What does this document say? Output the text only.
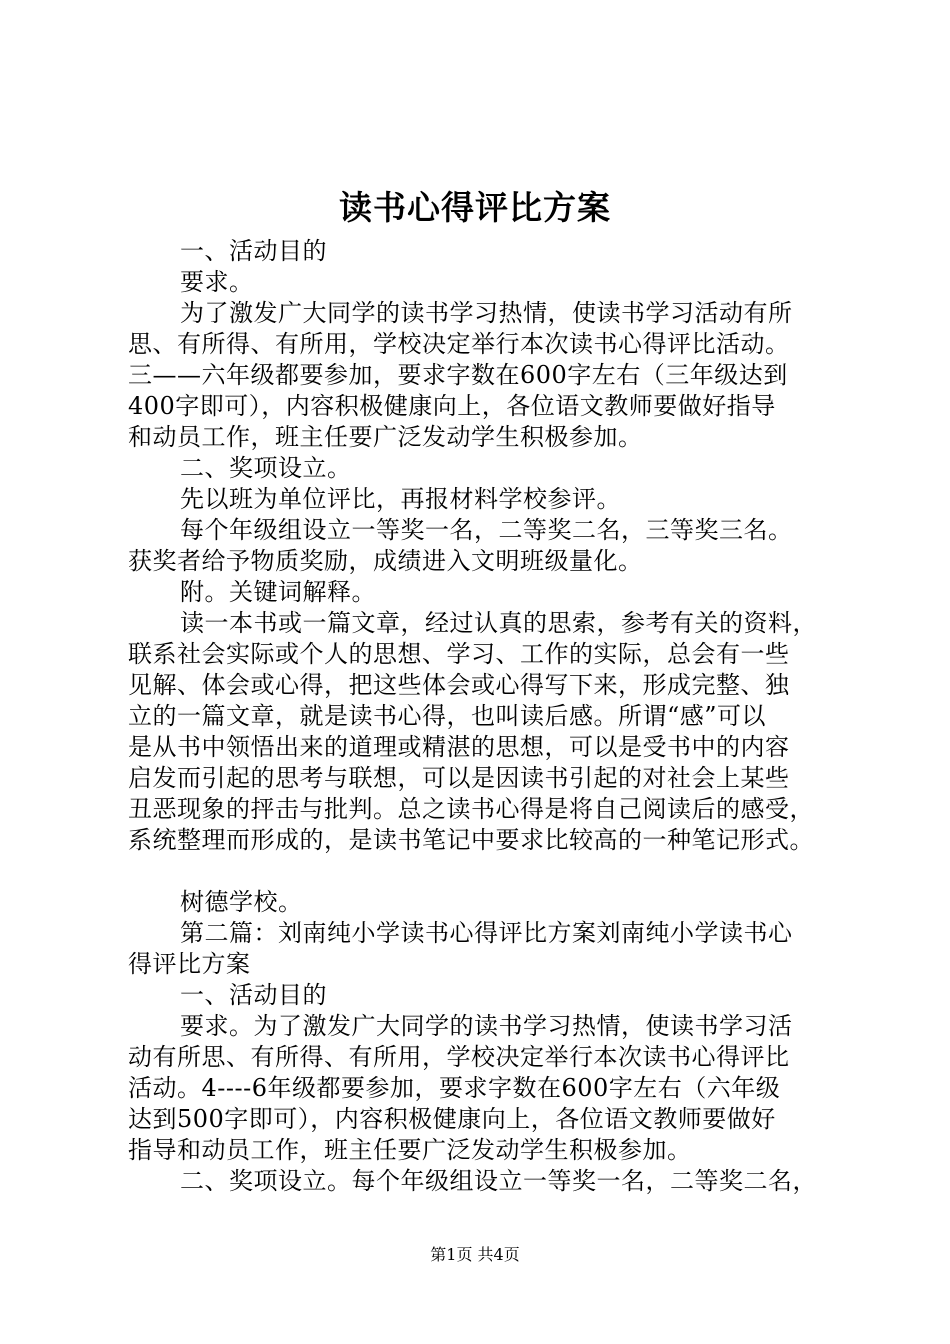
读书心得评比方案
一、活动目的
要求。
为了激发广大同学的读书学习热情，使读书学习活动有所
思、有所得、有所用，学校决定举行本次读书心得评比活动。
三——六年级都要参加，要求字数在600字左右（三年级达到
400字即可），内容积极健康向上，各位语文教师要做好指导
和动员工作，班主任要广泛发动学生积极参加。
二、奖项设立。
先以班为单位评比，再报材料学校参评。
每个年级组设立一等奖一名，二等奖二名，三等奖三名。
获奖者给予物质奖励，成绩进入文明班级量化。
附。关键词解释。
读一本书或一篇文章，经过认真的思索，参考有关的资料，
联系社会实际或个人的思想、学习、工作的实际，总会有一些
见解、体会或心得，把这些体会或心得写下来，形成完整、独
立的一篇文章，就是读书心得，也叫读后感。所谓“感”可以
是从书中领悟出来的道理或精湛的思想，可以是受书中的内容
启发而引起的思考与联想，可以是因读书引起的对社会上某些
丑恶现象的抨击与批判。总之读书心得是将自己阅读后的感受，
系统整理而形成的，是读书笔记中要求比较高的一种笔记形式。
树德学校。
第二篇：刘南纯小学读书心得评比方案刘南纯小学读书心
得评比方案
一、活动目的
要求。为了激发广大同学的读书学习热情，使读书学习活
动有所思、有所得、有所用，学校决定举行本次读书心得评比
活动。4----6年级都要参加，要求字数在600字左右（六年级
达到500字即可），内容积极健康向上，各位语文教师要做好
指导和动员工作，班主任要广泛发动学生积极参加。
二、奖项设立。每个年级组设立一等奖一名，二等奖二名，
第1页 共4页
